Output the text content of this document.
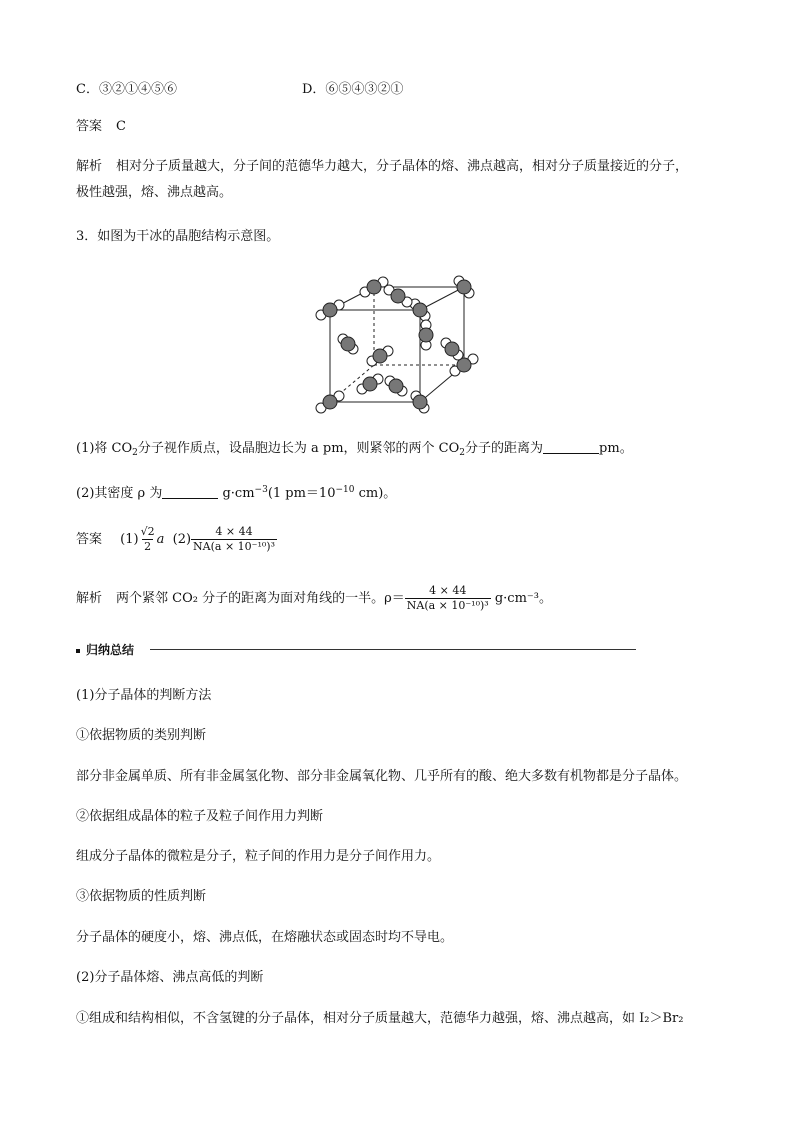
C．③②①④⑤⑥	D．⑥⑤④③②①
答案 C
解析 相对分子质量越大，分子间的范德华力越大，分子晶体的熔、沸点越高，相对分子质量接近的分子，
极性越强，熔、沸点越高。
3．如图为干冰的晶胞结构示意图。
(1)将 $CO_2$分子视作质点，设晶胞边长为 a pm，则紧邻的两个 $CO_2$分子的距离为	pm。
(2)其密度 ρ 为	$g\cdot cm^{-3}(1$ $pm=10^{-10}$ cm)。
答案 $(1) \frac{√2}{2}$ a $(2) \frac{4 \times 44}{\text{NA(a × 10⁻¹⁰)³}}$
解析 两个紧邻 CO₂ 分子的距离为面对角线的一半。$\rho= \frac{4 \times 44}{\text{NA(a × 10⁻¹⁰)³}} g\cdot cm^{-3}$。
归纳总结
(1)分子晶体的判断方法
①依据物质的类别判断
部分非金属单质、所有非金属氢化物、部分非金属氧化物、几乎所有的酸、绝大多数有机物都是分子晶体。
②依据组成晶体的粒子及粒子间作用力判断
组成分子晶体的微粒是分子，粒子间的作用力是分子间作用力。
③依据物质的性质判断
分子晶体的硬度小，熔、沸点低，在熔融状态或固态时均不导电。
(2)分子晶体熔、沸点高低的判断
①组成和结构相似，不含氢键的分子晶体，相对分子质量越大，范德华力越强，熔、沸点越高，如 I₂＞Br₂
